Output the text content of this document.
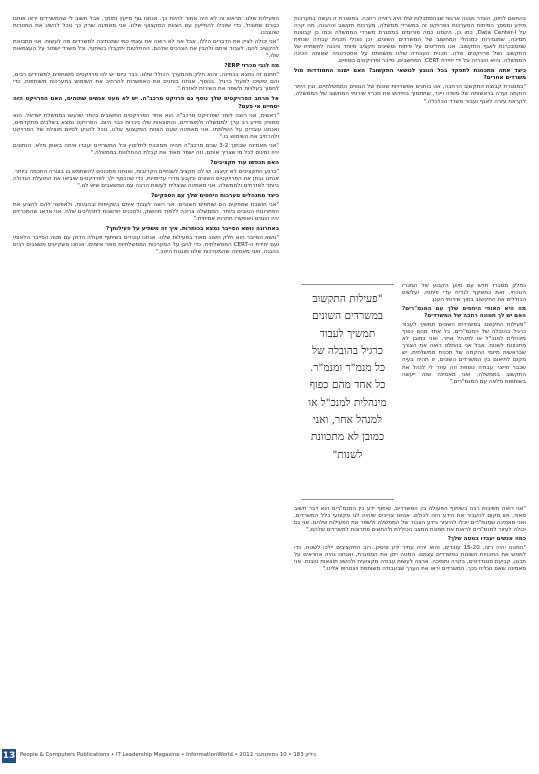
בהתאם לחזון, הוגדר מבנה ארגוני שבהסתכלות שלו היא ראייה רחבה. במסגרת זו נעשה במערכות מידע ומסמך הפיתוח המערכות בפרויקט זה במשרדי ממשלה, מערכות תקשוב וההגנה, מה קרה על Data Center-I, כמו כן, הקמנו כמה פורומים במסגרת משרדי הממשלה וכמו כן קבוצות תמיכה, שמוגדרות כמנהלי המחשוב של המשרדים השונים, וכן נוהלי תכנית עבודה שנתית שמסונכרנת לאגף התקשוב. אנו מחליטים על פיתוח ומשיגים תקציב מיוחד והכנה לתשתית של התקשוב ושל פרויקטים אלה. תכנית העבודה שלנו מושתתת על אסטרטגיה שאותה הכינה הממשלה, והיא הוכרזה על ידי יחידת CERT. המחשבים, סייבר ופרויקטים נוספים.

כיצד אתה מתכוונת לתפקד בכל הנוגע לנושאי התקשוב? האם ישנה התמודדות מול משרדים אחרים?

"במסגרת קבוצת התקשוב הרחבה, אנו בוחנים אפשרויות שונות של הגופים הממשלתיים, ובין היתר הוקמה ועדה בראשותה של סופיה ויינר, שתתמוך בחידוש את מכרזי שירותי המחשוב של הממשלה, לקראת עזרה לאגף ועבור משרד הכלכלה."

"פעילות התקשוב
במשרדים השונים
תמשיך לעבוד
כרגיל בהובלה של
כל מנמ"ר ומנמ"ר.
כל אחד מהם כפוף
מינהלית למנכ"ל או
למנהל אחר, ואני
כמובן לא מתכוונת
לשנות"

כחלק ממכרז חדש עם סיוע הקבוע של המכרז הנוכחי. זאת כמשקף לנדיח עדי פיתוח, ועלשים הכוללים את התקשוב בתוך שירותי הענן.

מה היא האופי היחסים שלך עם המנמ"רים? האם יש לך תמונה רחבה של המשרדים?

"פעילות התקשוב במשרדים השונים תמשיך לעבוד כרגיל בהובלה של המנמ"רים. כל אחד מהם כפוף מינהלית למנכ"ל או למנהל אחר, ואני כמובן לא מתכוונת לשנות. אבל אני בהחלט רואה את הצורך שבראשית מיזמי ההקמה של תכנית ממשלתית, יש מקום לתיאום בין המשרדים השונים. זו תהיה בעיה שכבר תייצר עבודה נוספת וזה עוזר לי לנהל את התקשוב בממשלה, ואני מאמינה שזה ייעשה בשותפות מלאה עם המנמ"רים."

"אני רואה חשיבות רבה בשיתוף הפעולה בין המשרדים, שיתוף ידע בין המנמ"רים הוא דבר חשוב מאוד, ויש מקום להעביר את הידע הזה לכולם. אנחנו צריכים שיהיה לנו מקצועי כלל המשרדים, ואני מאמינה שמנמ"רים יוכלו להיעזר בידע הצבור של הממשלה ולשפר את הפעילות שלהם. אני גם יכולה לעזור למנמ"רים לראות את תמונת המצב הכוללת ולהתאים פתרונות למשרדים שלהם."

כמה אנשים יעבדו במטה שלך?

"המטה יהיה רזה, 15-20 עובדים, והוא יהיה עתיר ידע וניסיון. רוב התקציבים יילכו לשטח, כדי לממש את התכניות השונות במשרדים עצמם. המטה ייתן את המסגרת, ואנחנו נהיה אחראים על תכנון, קביעת סטנדרטים, בקרה ותמיכה. ארצה לעשות עבודה מקצועית ולהשיג תוצאות טובות. אני מאמינה שאם נצליח בכך, המשרדים יראו את הערך שבעבודה משותפת ויצטרפו אלינו."

הפעילות שלנו. מראש זה לא היה אמור להיות כך. אנחנו גוף מייעץ ותומך, אבל חשוב לי שהמשרדים יראו אותנו כגורם שמוביל, כדי שיוכלו להתייעץ עם הצוות המקצועי שלנו. אני מאמינה שרק כך נוכל להשיג את המטרות שהצבנו.

"אני יכולה לציין את הדברים הללו, אבל אני לא רואה את עצמי כמי שמכתיבה למשרדים מה לעשות. אני מתכוונת להקשיב להם, לעבוד איתם ולהבין את הצרכים שלהם. ההחלטות יתקבלו בשיתוף, וכל משרד ישמור על העצמאות שלו."

מה לגבי מכרזי ERP?

"תחום זה נמצא בבחינה, והוא חלק מהמערך הכולל שלנו. כבר כיום יש לנו פרויקטים משותפים למשרדים רבים, והם ימשיכו לפעול כרגיל. בנוסף, אנחנו בוחנים את האפשרות להרחיב את השימוש במערכות משותפות, כדי לחסוך בעלויות ולשפר את השירות לאזרח."

אל מרחב הפרויקטים שלך נוסף גם פרויקט מרכב"ה. יש לא מעט אנשים שתוהים, האם הפרויקט הזה יסתיים אי פעם?

"ראשית, אני רוצה לומר שפרויקט מרכב"ה הוא אחד הפרויקטים החשובים ביותר שנעשו בממשלת ישראל. הוא מספק מידע רב ערך לממשלה ולמשרדים, והתוצאות שלו ניכרות כבר היום. הפרויקט נמצא בשלבים מתקדמים, ואנחנו עובדים על השלמתו. אני מאמינה שעם הצוות המקצועי שלנו, נוכל להגיע לסיום מוצלח של הפרויקט ולהרחיב את השימוש בו."

"אני מאמינה שבתוך 3-2 שנים מרכב"ה תהיה ממוכנת לחלוטין וכל המשרדים יעבדו איתה באופן מלא. הנתונים יהיו זמינים לכל מי שצריך אותם, וזה ישפר מאוד את קבלת ההחלטות בממשלה."

האם תכפשו עוד תקציבים?

"כרגע התקציבים לא קיצצו. יש לנו תקציב לשנתיים הקרובות, ואנחנו מתכננים להשתמש בו בצורה החכמה ביותר. אנחנו נבחן את הפרויקטים השונים ונקבע סדרי עדיפויות, כדי שהכסף ילך לפרויקטים שיביאו את התועלת הגדולה ביותר לאזרחים ולממשלה. אני מאמינה שנצליח לעשות הרבה עם המשאבים שיש לנו."

כיצד מתנהלים מערכות היחסים שלך עם הספקים?

"אני חושבת שספקים הם שותפים חשובים. אני רוצה לעבוד איתם בשקיפות ובהגינות, ולאפשר להם להציע את הפתרונות הטובים ביותר. הממשלה צריכה ללמוד מהשוק, ולהכניס חדשנות לתהליכים שלה. אני אדאג שהמכרזים יהיו הוגנים ויאפשרו תחרות אמיתית."

באחרונה נושא הסייבר נמצא בכותרות. איך זה משפיע על פעילותך?

"נושא הסייבר הוא חלק חשוב מאוד בפעילות שלנו. אנחנו עובדים בשיתוף פעולה הדוק עם מטה הסייבר הלאומי ועם יחידת ה-CERT הממשלתית, כדי להגן על המערכות הממשלתיות מפני איומים. אנחנו משקיעים משאבים רבים בהגנה, ואני מאמינה שהמערכות שלנו מוגנות היטב."

13 People & Computers Publications • IT Leadership Magazine • InformationWorld • 2012 גיליון 183 • 10 בספטמבר
